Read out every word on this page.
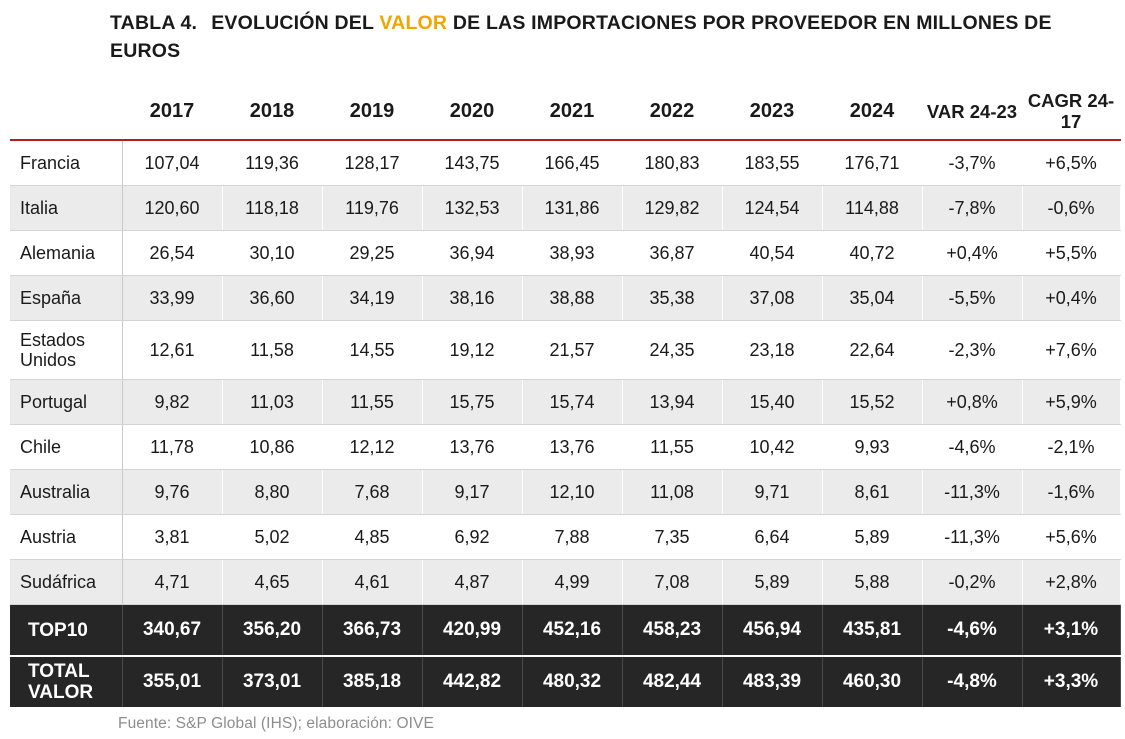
TABLA 4. EVOLUCIÓN DEL VALOR DE LAS IMPORTACIONES POR PROVEEDOR EN MILLONES DE EUROS
	2017	2018	2019	2020	2021	2022	2023	2024	VAR 24-23	CAGR 24-17
Francia	107,04	119,36	128,17	143,75	166,45	180,83	183,55	176,71	-3,7%	+6,5%
Italia	120,60	118,18	119,76	132,53	131,86	129,82	124,54	114,88	-7,8%	-0,6%
Alemania	26,54	30,10	29,25	36,94	38,93	36,87	40,54	40,72	+0,4%	+5,5%
España	33,99	36,60	34,19	38,16	38,88	35,38	37,08	35,04	-5,5%	+0,4%
Estados Unidos	12,61	11,58	14,55	19,12	21,57	24,35	23,18	22,64	-2,3%	+7,6%
Portugal	9,82	11,03	11,55	15,75	15,74	13,94	15,40	15,52	+0,8%	+5,9%
Chile	11,78	10,86	12,12	13,76	13,76	11,55	10,42	9,93	-4,6%	-2,1%
Australia	9,76	8,80	7,68	9,17	12,10	11,08	9,71	8,61	-11,3%	-1,6%
Austria	3,81	5,02	4,85	6,92	7,88	7,35	6,64	5,89	-11,3%	+5,6%
Sudáfrica	4,71	4,65	4,61	4,87	4,99	7,08	5,89	5,88	-0,2%	+2,8%
TOP10	340,67	356,20	366,73	420,99	452,16	458,23	456,94	435,81	-4,6%	+3,1%
TOTAL VALOR	355,01	373,01	385,18	442,82	480,32	482,44	483,39	460,30	-4,8%	+3,3%
Fuente: S&P Global (IHS); elaboración: OIVE
